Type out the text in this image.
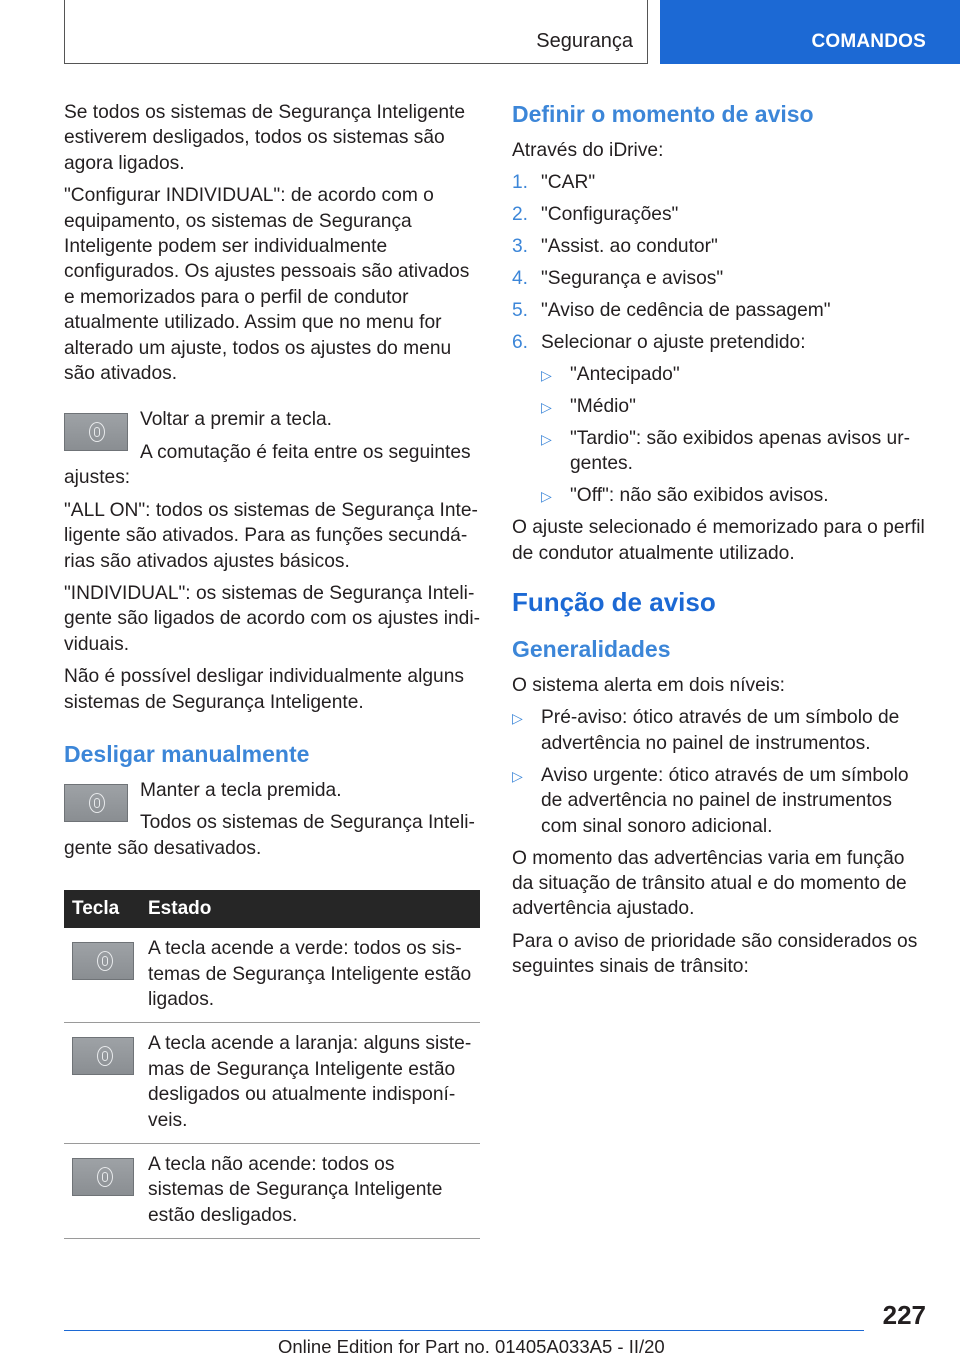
Segurança	COMANDOS

Se todos os sistemas de Segurança Inteligente estiverem desligados, todos os sistemas são agora ligados.

"Configurar INDIVIDUAL": de acordo com o equipamento, os sistemas de Segurança Inteligente podem ser individualmente configurados. Os ajustes pessoais são ativados e memorizados para o perfil de condutor atualmente utilizado. Assim que no menu for alterado um ajuste, todos os ajustes do menu são ativados.

Voltar a premir a tecla.

A comutação é feita entre os seguintes ajustes:

"ALL ON": todos os sistemas de Segurança Inteligente são ativados. Para as funções secundárias são ativados ajustes básicos.

"INDIVIDUAL": os sistemas de Segurança Inteligente são ligados de acordo com os ajustes individuais.

Não é possível desligar individualmente alguns sistemas de Segurança Inteligente.

Desligar manualmente

Manter a tecla premida.

Todos os sistemas de Segurança Inteligente são desativados.

Tecla	Estado

	A tecla acende a verde: todos os sistemas de Segurança Inteligente estão ligados.

	A tecla acende a laranja: alguns sistemas de Segurança Inteligente estão desligados ou atualmente indisponíveis.

	A tecla não acende: todos os sistemas de Segurança Inteligente estão desligados.
Definir o momento de aviso

Através do iDrive:

1. "CAR"
2. "Configurações"
3. "Assist. ao condutor"
4. "Segurança e avisos"
5. "Aviso de cedência de passagem"
6. Selecionar o ajuste pretendido:
▷ "Antecipado"
▷ "Médio"
▷ "Tardio": são exibidos apenas avisos urgentes.
▷ "Off": não são exibidos avisos.

O ajuste selecionado é memorizado para o perfil de condutor atualmente utilizado.

Função de aviso
Generalidades

O sistema alerta em dois níveis:

▷ Pré-aviso: ótico através de um símbolo de advertência no painel de instrumentos.
▷ Aviso urgente: ótico através de um símbolo de advertência no painel de instrumentos com sinal sonoro adicional.

O momento das advertências varia em função da situação de trânsito atual e do momento de advertência ajustado.

Para o aviso de prioridade são considerados os seguintes sinais de trânsito:

227
Online Edition for Part no. 01405A033A5 - II/20
